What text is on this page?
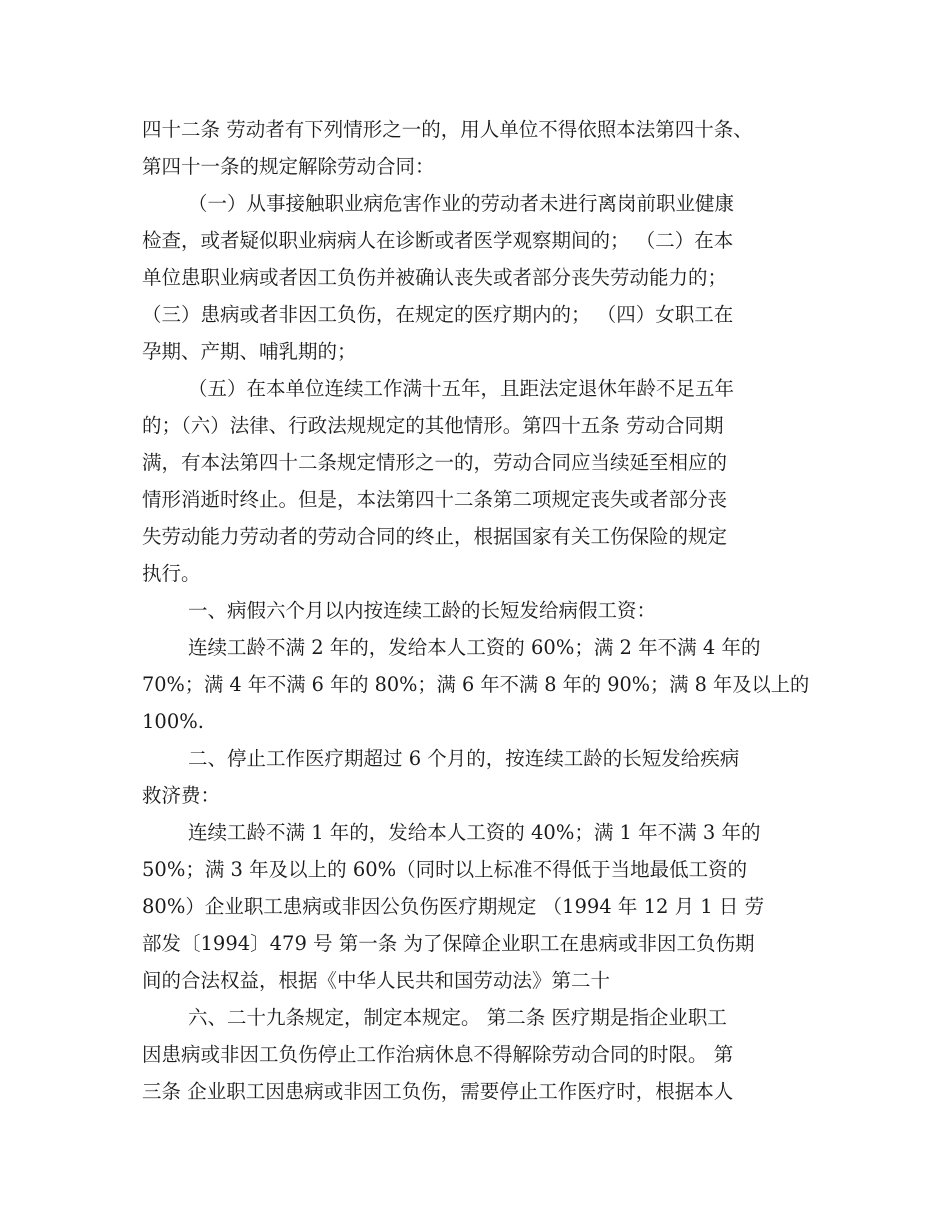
四十二条 劳动者有下列情形之一的，用人单位不得依照本法第四十条、
第四十一条的规定解除劳动合同：
（一）从事接触职业病危害作业的劳动者未进行离岗前职业健康
检查，或者疑似职业病病人在诊断或者医学观察期间的； （二）在本
单位患职业病或者因工负伤并被确认丧失或者部分丧失劳动能力的；
（三）患病或者非因工负伤，在规定的医疗期内的； （四）女职工在
孕期、产期、哺乳期的；
（五）在本单位连续工作满十五年，且距法定退休年龄不足五年
的；（六）法律、行政法规规定的其他情形。第四十五条 劳动合同期
满，有本法第四十二条规定情形之一的，劳动合同应当续延至相应的
情形消逝时终止。但是，本法第四十二条第二项规定丧失或者部分丧
失劳动能力劳动者的劳动合同的终止，根据国家有关工伤保险的规定
执行。
一、病假六个月以内按连续工龄的长短发给病假工资：
连续工龄不满 2 年的，发给本人工资的 60%；满 2 年不满 4 年的
70%；满 4 年不满 6 年的 80%；满 6 年不满 8 年的 90%；满 8 年及以上的
100%.
二、停止工作医疗期超过 6 个月的，按连续工龄的长短发给疾病
救济费：
连续工龄不满 1 年的，发给本人工资的 40%；满 1 年不满 3 年的
50%；满 3 年及以上的 60%（同时以上标准不得低于当地最低工资的
80%）企业职工患病或非因公负伤医疗期规定 （1994 年 12 月 1 日 劳
部发〔1994〕479 号 第一条 为了保障企业职工在患病或非因工负伤期
间的合法权益，根据《中华人民共和国劳动法》第二十
六、二十九条规定，制定本规定。 第二条 医疗期是指企业职工
因患病或非因工负伤停止工作治病休息不得解除劳动合同的时限。 第
三条 企业职工因患病或非因工负伤，需要停止工作医疗时，根据本人
